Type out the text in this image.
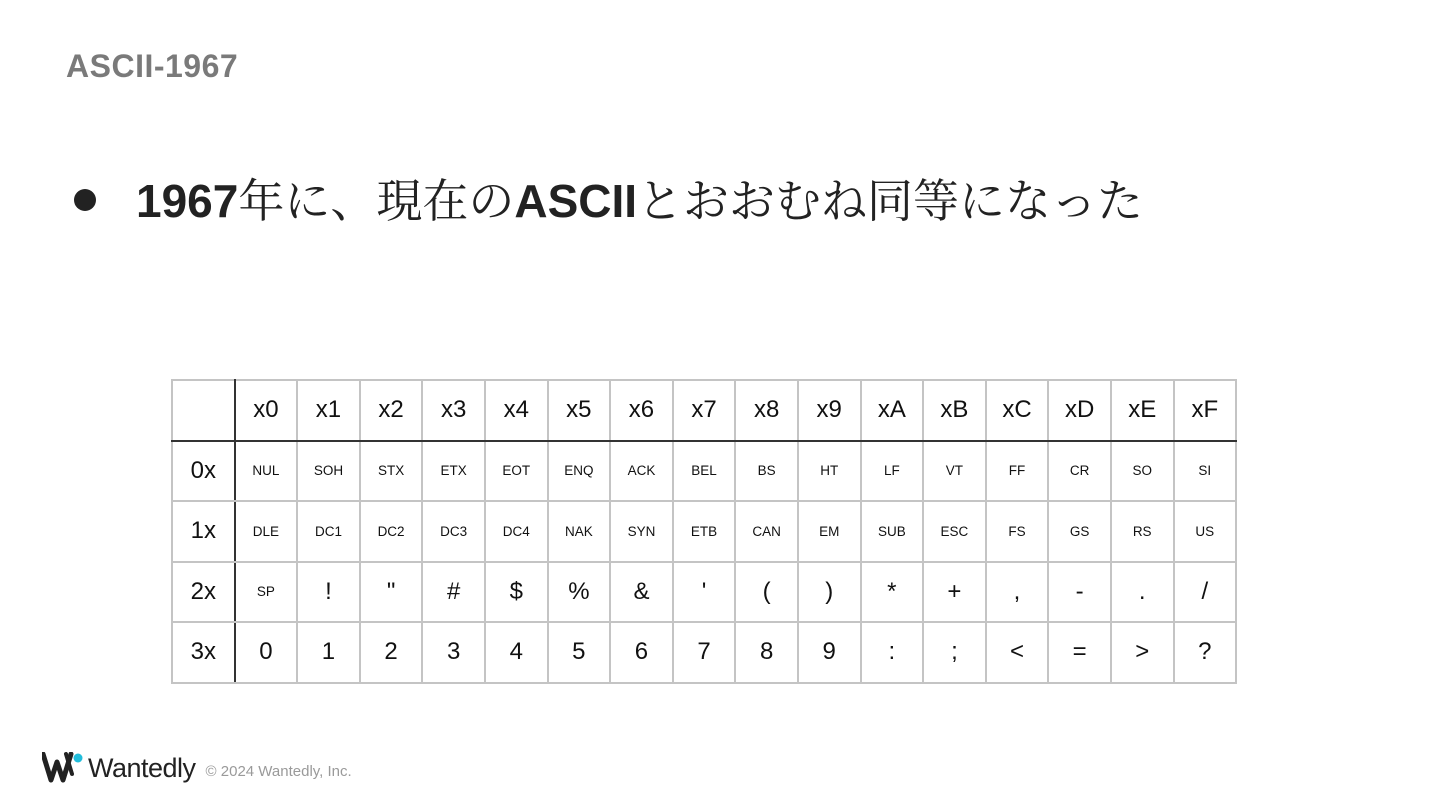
ASCII-1967
1967年に、現在のASCIIとおおむね同等になった
	x0	x1	x2	x3	x4	x5	x6	x7	x8	x9	xA	xB	xC	xD	xE	xF
0x	NUL	SOH	STX	ETX	EOT	ENQ	ACK	BEL	BS	HT	LF	VT	FF	CR	SO	SI
1x	DLE	DC1	DC2	DC3	DC4	NAK	SYN	ETB	CAN	EM	SUB	ESC	FS	GS	RS	US
2x	SP	!	"	#	$	%	&	'	(	)	*	+	,	-	.	/
3x	0	1	2	3	4	5	6	7	8	9	:	;	<	=	>	?
Wantedly © 2024 Wantedly, Inc.
